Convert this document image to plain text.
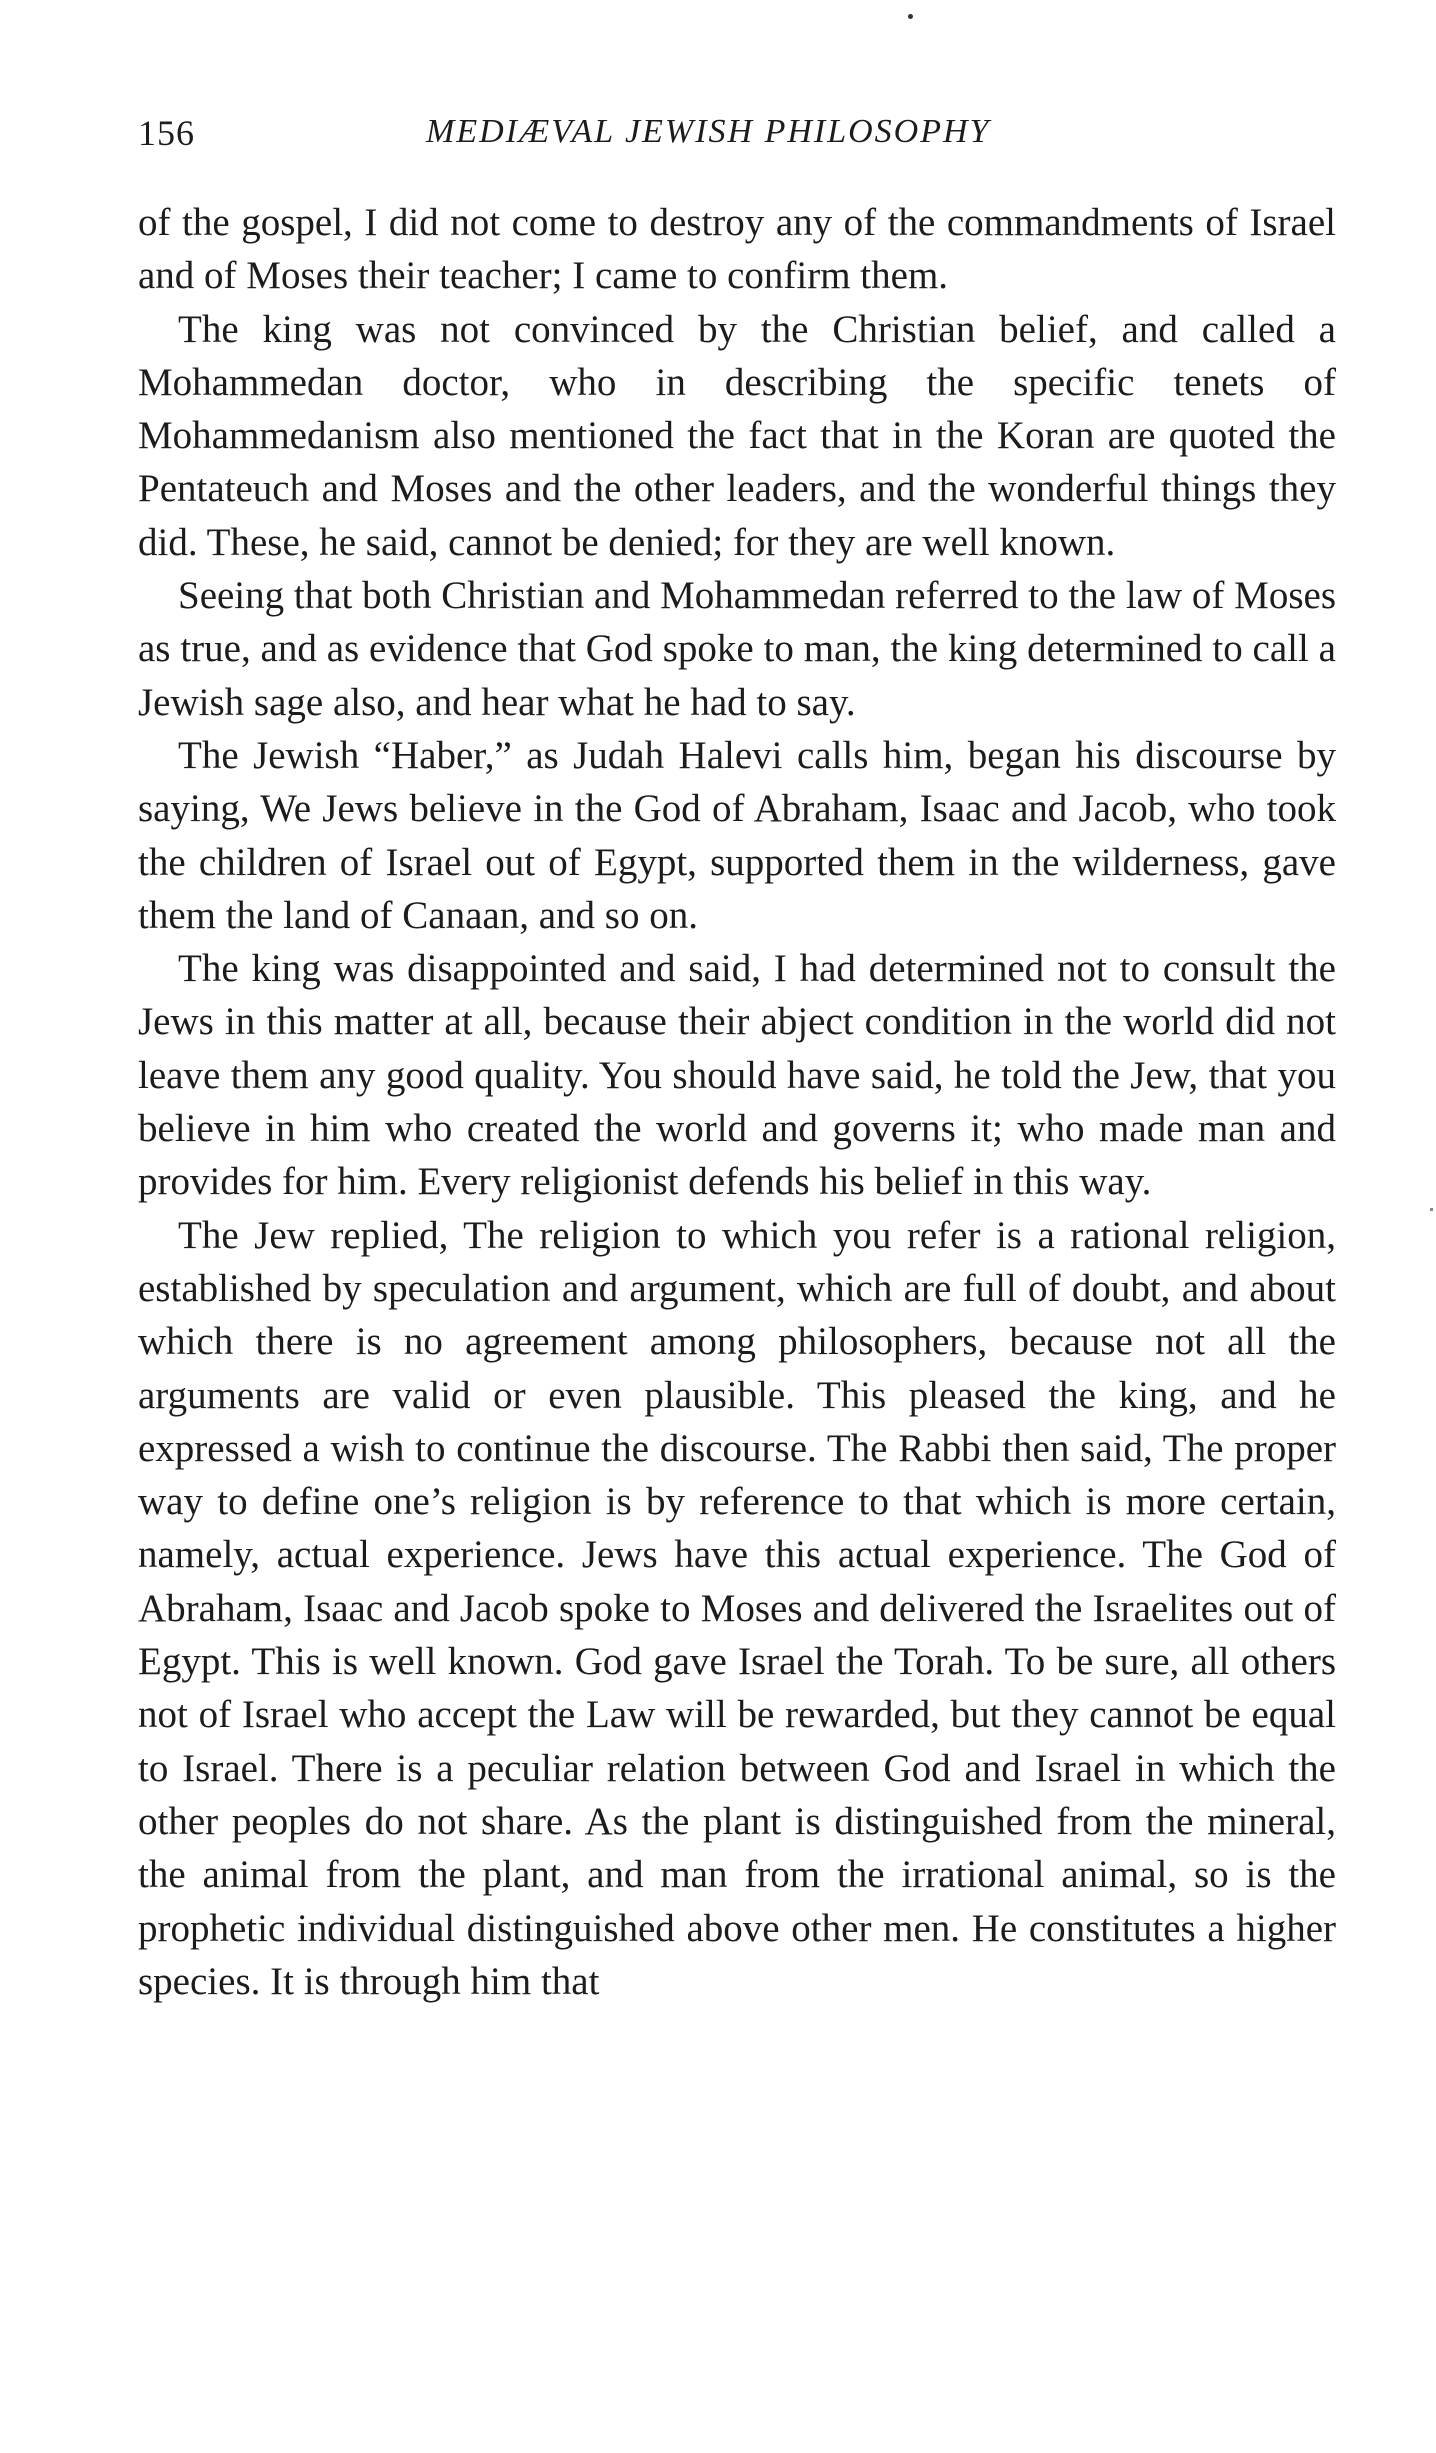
156	MEDIÆVAL JEWISH PHILOSOPHY

of the gospel, I did not come to destroy any of the commandments of Israel and of Moses their teacher; I came to confirm them.

The king was not convinced by the Christian belief, and called a Mohammedan doctor, who in describing the specific tenets of Mohammedanism also mentioned the fact that in the Koran are quoted the Pentateuch and Moses and the other leaders, and the wonderful things they did. These, he said, cannot be denied; for they are well known.

Seeing that both Christian and Mohammedan referred to the law of Moses as true, and as evidence that God spoke to man, the king determined to call a Jewish sage also, and hear what he had to say.

The Jewish “Haber,” as Judah Halevi calls him, began his discourse by saying, We Jews believe in the God of Abraham, Isaac and Jacob, who took the children of Israel out of Egypt, supported them in the wilderness, gave them the land of Canaan, and so on.

The king was disappointed and said, I had determined not to consult the Jews in this matter at all, because their abject condition in the world did not leave them any good quality. You should have said, he told the Jew, that you believe in him who created the world and governs it; who made man and provides for him. Every religionist defends his belief in this way.

The Jew replied, The religion to which you refer is a rational religion, established by speculation and argument, which are full of doubt, and about which there is no agreement among philosophers, because not all the arguments are valid or even plausible. This pleased the king, and he expressed a wish to continue the discourse. The Rabbi then said, The proper way to define one’s religion is by reference to that which is more certain, namely, actual experience. Jews have this actual experience. The God of Abraham, Isaac and Jacob spoke to Moses and delivered the Israelites out of Egypt. This is well known. God gave Israel the Torah. To be sure, all others not of Israel who accept the Law will be rewarded, but they cannot be equal to Israel. There is a peculiar relation between God and Israel in which the other peoples do not share. As the plant is distinguished from the mineral, the animal from the plant, and man from the irrational animal, so is the prophetic individual distinguished above other men. He constitutes a higher species. It is through him that
